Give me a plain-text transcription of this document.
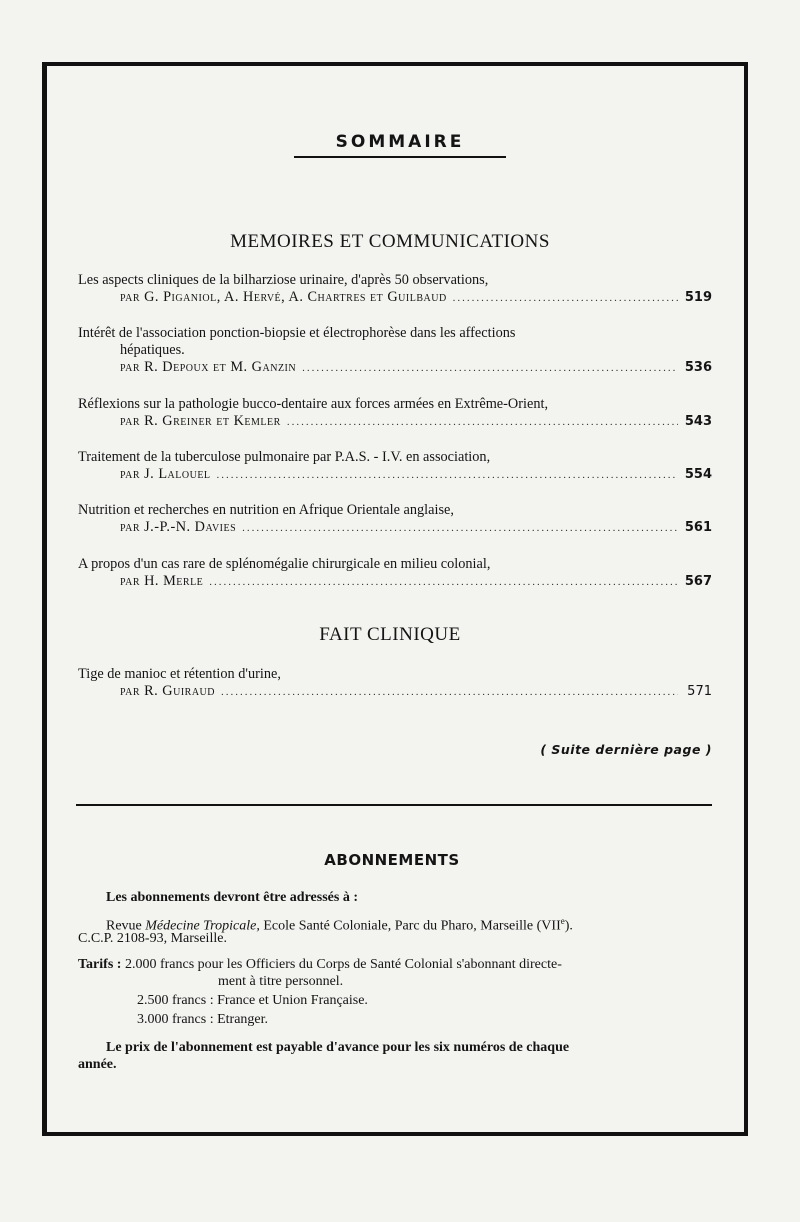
SOMMAIRE
MEMOIRES ET COMMUNICATIONS
Les aspects cliniques de la bilharziose urinaire, d'après 50 observations,
par G. Piganiol, A. Hervé, A. Chartres et Guilbaud .....	519
Intérêt de l'association ponction-biopsie et électrophorèse dans les affections
hépatiques.
par R. Depoux et M. Ganzin .....	536
Réflexions sur la pathologie bucco-dentaire aux forces armées en Extrême-Orient,
par R. Greiner et Kemler .....	543
Traitement de la tuberculose pulmonaire par P.A.S. - I.V. en association,
par J. Lalouel .....	554
Nutrition et recherches en nutrition en Afrique Orientale anglaise,
par J.-P.-N. Davies .....	561
A propos d'un cas rare de splénomégalie chirurgicale en milieu colonial,
par H. Merle .....	567
FAIT CLINIQUE
Tige de manioc et rétention d'urine,
par R. Guiraud .....	571
( Suite dernière page )
ABONNEMENTS
Les abonnements devront être adressés à :
Revue Médecine Tropicale, Ecole Santé Coloniale, Parc du Pharo, Marseille (VIIe).
C.C.P. 2108-93, Marseille.
Tarifs : 2.000 francs pour les Officiers du Corps de Santé Colonial s'abonnant directe-
ment à titre personnel.
2.500 francs : France et Union Française.
3.000 francs : Etranger.
Le prix de l'abonnement est payable d'avance pour les six numéros de chaque
année.
